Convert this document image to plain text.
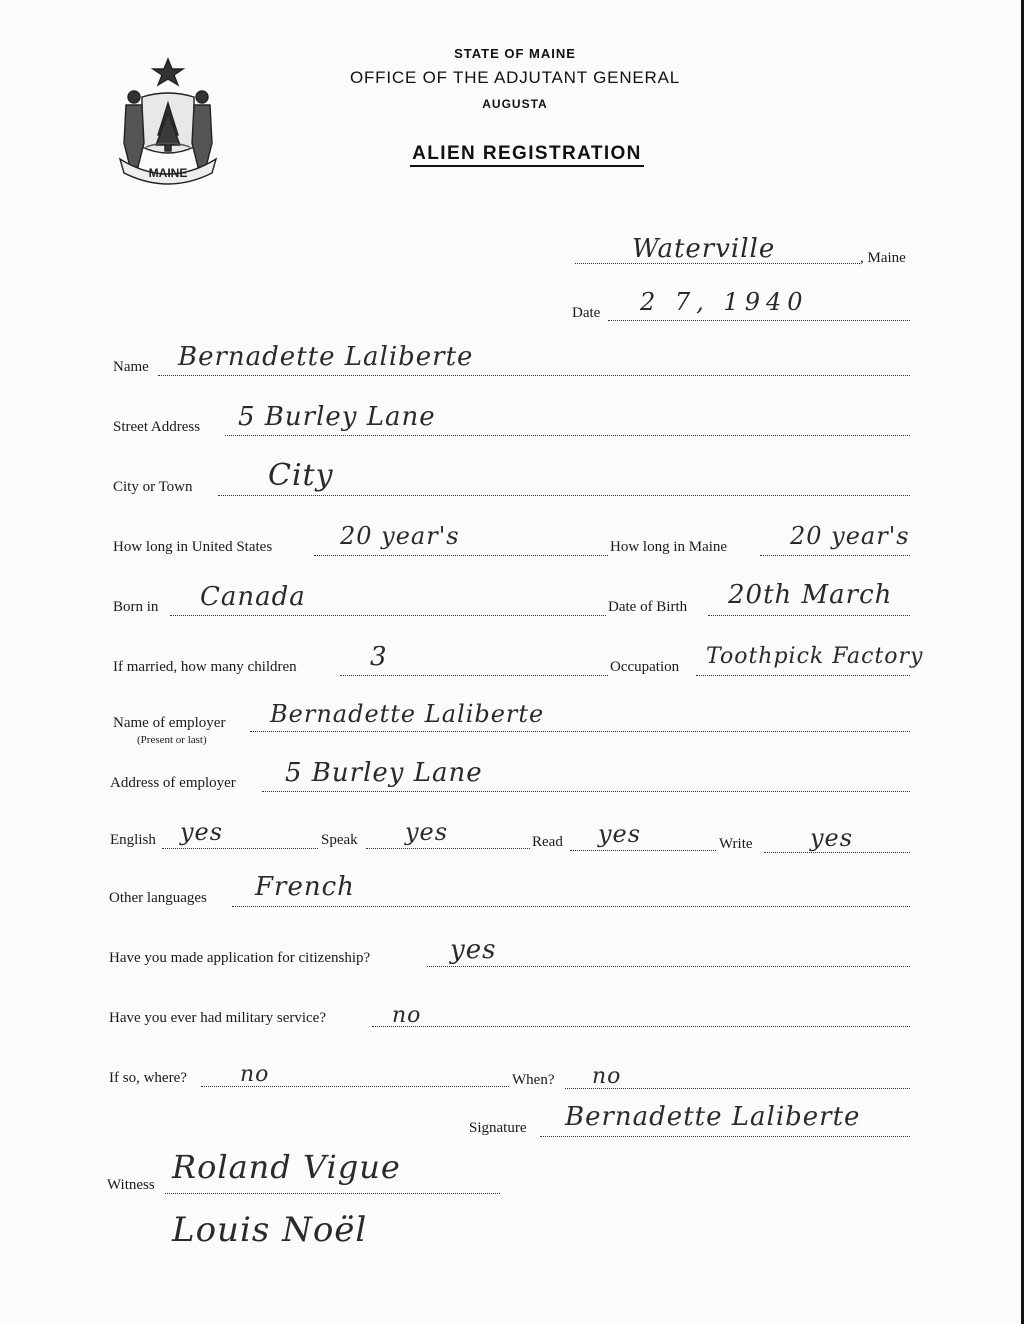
MAINE
STATE OF MAINE
OFFICE OF THE ADJUTANT GENERAL
AUGUSTA
ALIEN REGISTRATION
Waterville	, Maine
Date 2 7, 1940
Name Bernadette Laliberte
Street Address 5 Burley Lane
City or Town	City
How long in United States	20 year's	How long in Maine	20 year's
Born in Canada	Date of Birth 20th March
If married, how many children	3	Occupation Toothpick Factory
Name of employer
(Present or last)
Bernadette Laliberte
Address of employer 5 Burley Lane
English yes	Speak yes	Read yes	Write yes
Other languages French
Have you made application for citizenship?	yes
Have you ever had military service?	no
If so, where? no	When? no
Signature Bernadette Laliberte
Witness Roland Vigue
Louis Noël
